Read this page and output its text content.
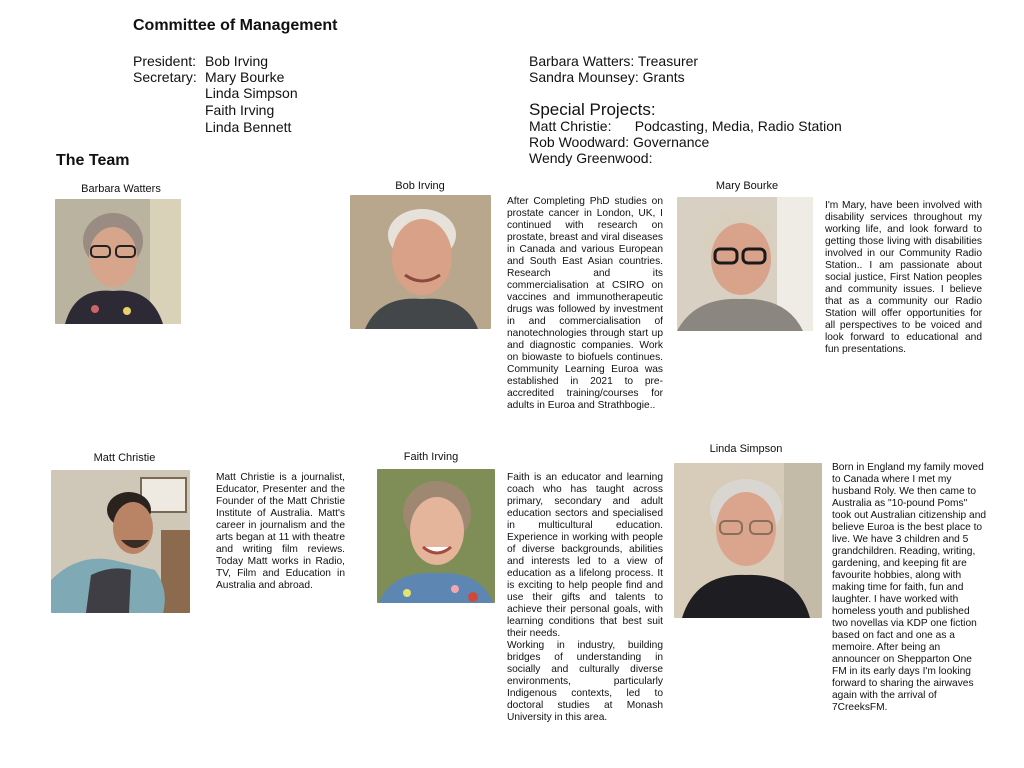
Committee of Management
President: Bob Irving
Secretary: Mary Bourke
Linda Simpson
Faith Irving
Linda Bennett
Barbara Watters: Treasurer
Sandra Mounsey: Grants
Special Projects:
Matt Christie:      Podcasting, Media, Radio Station
Rob Woodward: Governance
Wendy Greenwood:
The Team
Barbara Watters	Bob Irving
After Completing PhD studies on prostate cancer in London, UK, I continued with research on prostate, breast and viral diseases in Canada and various European and South East Asian countries. Research and its commercialisation at CSIRO on vaccines and immunotherapeutic drugs was followed by investment in and commercialisation of nanotechnologies through start up and diagnostic companies. Work on biowaste to biofuels continues. Community Learning Euroa was established in 2021 to pre-accredited training/courses for adults in Euroa and Strathbogie..
Mary Bourke
I'm Mary, have been involved with disability services throughout my working life, and look forward to getting those living with disabilities involved in our Community Radio Station.. I am passionate about social justice, First Nation peoples and community issues. I believe that as a community our Radio Station will offer opportunities for all perspectives to be voiced and look forward to educational and fun presentations.
Matt Christie
Matt Christie is a journalist, Educator, Presenter and the Founder of the Matt Christie Institute of Australia. Matt's career in journalism and the arts began at 11 with theatre and writing film reviews. Today Matt works in Radio, TV, Film and Education in Australia and abroad.
Faith Irving
Faith is an educator and learning coach who has taught across primary, secondary and adult education sectors and specialised in multicultural education. Experience in working with people of diverse backgrounds, abilities and interests led to a view of education as a lifelong process. It is exciting to help people find and use their gifts and talents to achieve their personal goals, with learning conditions that best suit their needs.
Working in industry, building bridges of understanding in socially and culturally diverse environments, particularly Indigenous contexts, led to doctoral studies at Monash University in this area.
Linda Simpson
Born in England my family moved to Canada where I met my husband Roly. We then came to Australia as "10-pound Poms" took out Australian citizenship and believe Euroa is the best place to live. We have 3 children and 5 grandchildren. Reading, writing, gardening, and keeping fit are favourite hobbies, along with making time for faith, fun and laughter. I have worked with homeless youth and published two novellas via KDP one fiction based on fact and one as a memoire. After being an announcer on Shepparton One FM in its early days I'm looking forward to sharing the airwaves again with the arrival of 7CreeksFM.
